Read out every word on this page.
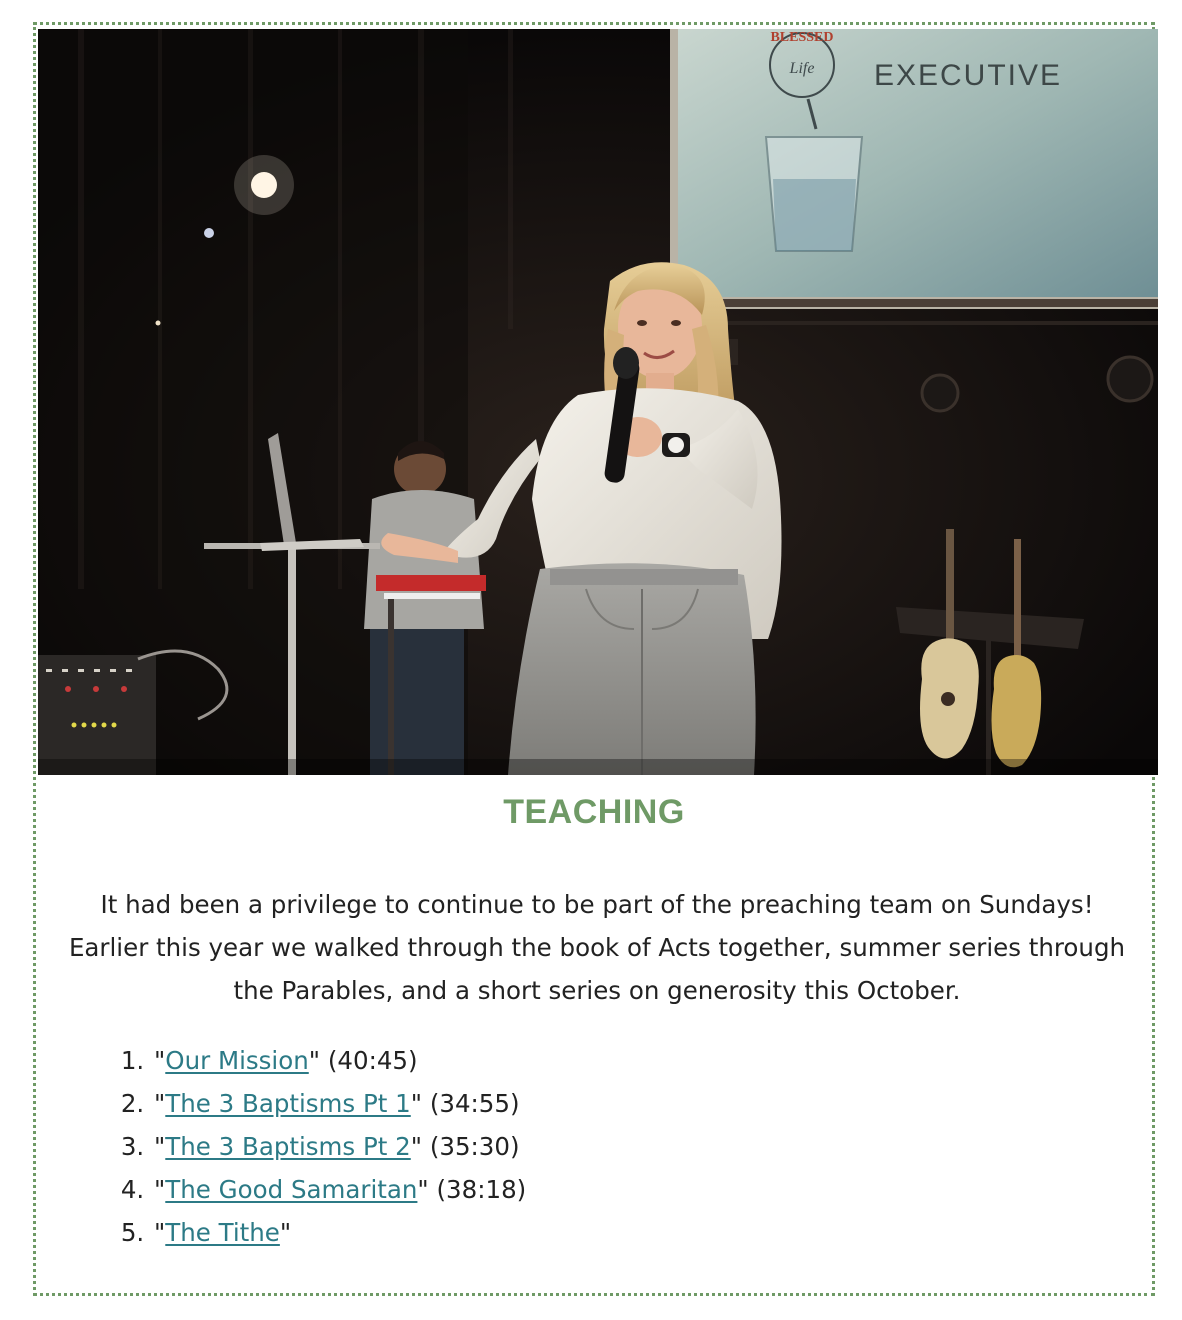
EXECUTIVE
BLESSED
Life
TEACHING

It had been a privilege to continue to be part of the preaching team on Sundays! Earlier this year we walked through the book of Acts together, summer series through the Parables, and a short series on generosity this October.

1. "Our Mission" (40:45)
2. "The 3 Baptisms Pt 1" (34:55)
3. "The 3 Baptisms Pt 2" (35:30)
4. "The Good Samaritan" (38:18)
5. "The Tithe"
